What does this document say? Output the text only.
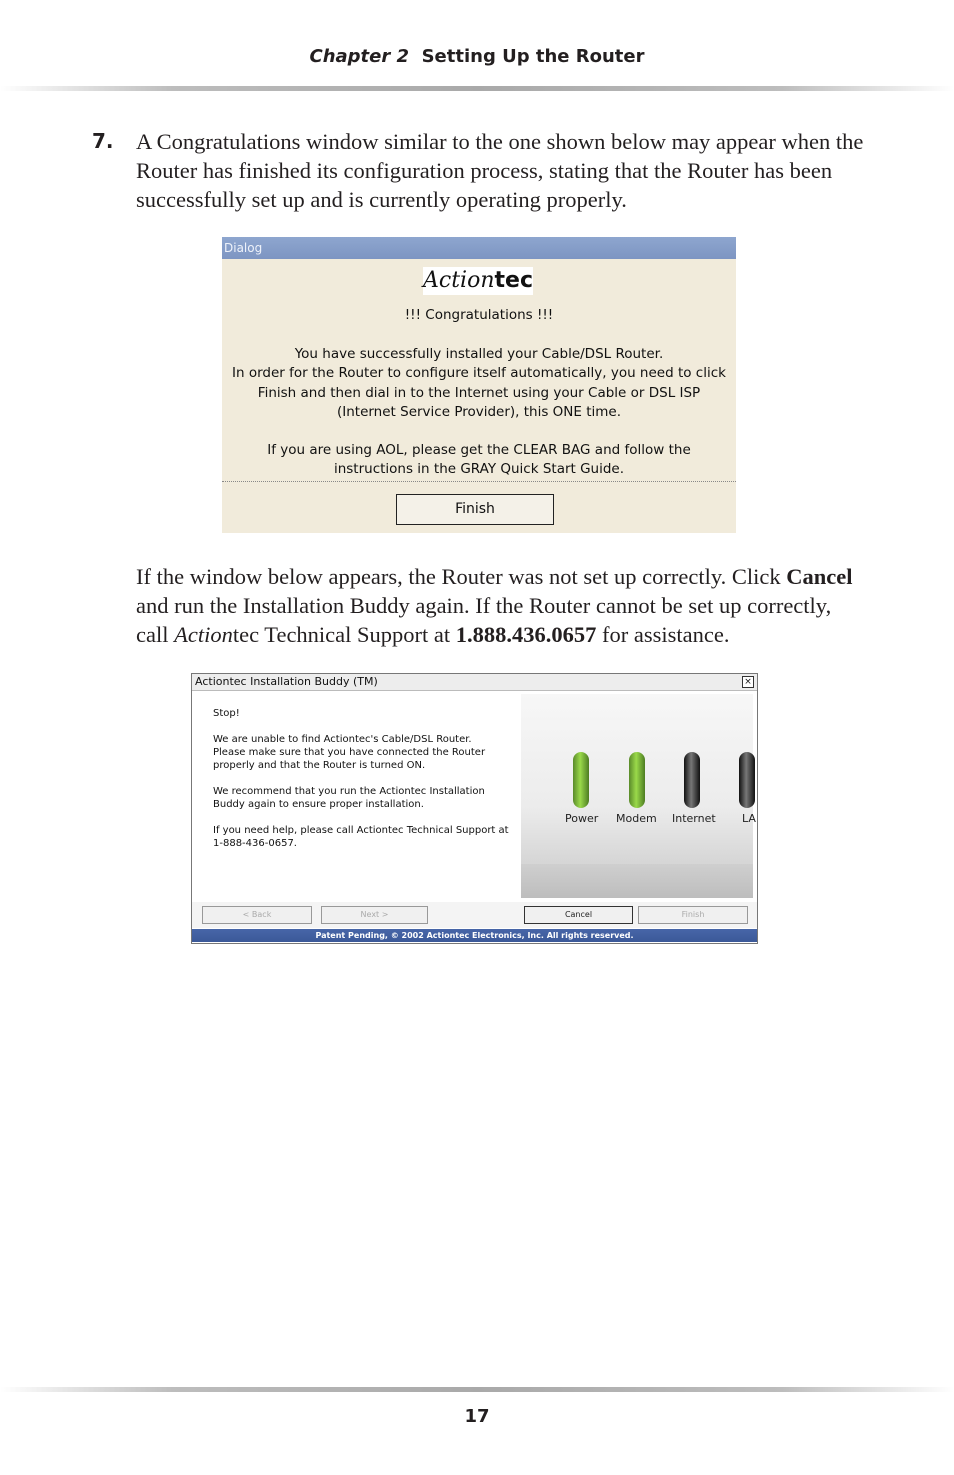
Chapter 2 Setting Up the Router
7. A Congratulations window similar to the one shown below may appear when the Router has finished its configuration process, stating that the Router has been successfully set up and is currently operating properly.
Dialog
Actiontec
!!! Congratulations !!!
You have successfully installed your Cable/DSL Router.
In order for the Router to configure itself automatically, you need to click
Finish and then dial in to the Internet using your Cable or DSL ISP
(Internet Service Provider), this ONE time.
If you are using AOL, please get the CLEAR BAG and follow the
instructions in the GRAY Quick Start Guide.
Finish
If the window below appears, the Router was not set up correctly. Click Cancel and run the Installation Buddy again. If the Router cannot be set up correctly, call Actiontec Technical Support at 1.888.436.0657 for assistance.
Actiontec Installation Buddy (TM)	×
Stop!
We are unable to find Actiontec's Cable/DSL Router.
Please make sure that you have connected the Router
properly and that the Router is turned ON.
We recommend that you run the Actiontec Installation
Buddy again to ensure proper installation.
If you need help, please call Actiontec Technical Support at
1-888-436-0657.
Power Modem Internet LA
< Back	Next >	Cancel	Finish
Patent Pending, © 2002 Actiontec Electronics, Inc. All rights reserved.
17
